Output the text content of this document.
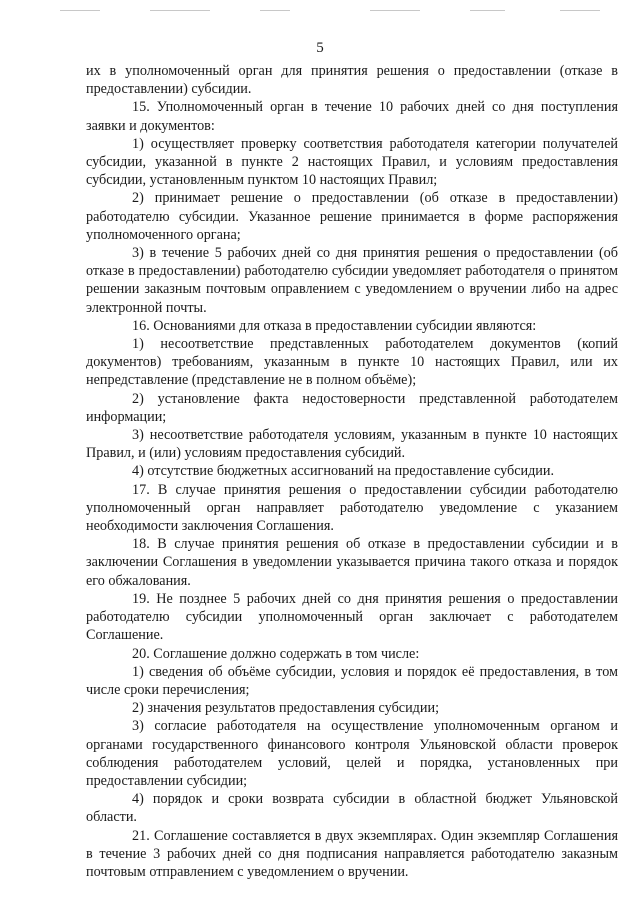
5

их в уполномоченный орган для принятия решения о предоставлении (отказе в предоставлении) субсидии.

15. Уполномоченный орган в течение 10 рабочих дней со дня поступления заявки и документов:

1) осуществляет проверку соответствия работодателя категории получателей субсидии, указанной в пункте 2 настоящих Правил, и условиям предоставления субсидии, установленным пунктом 10 настоящих Правил;

2) принимает решение о предоставлении (об отказе в предоставлении) работодателю субсидии. Указанное решение принимается в форме распоряжения уполномоченного органа;

3) в течение 5 рабочих дней со дня принятия решения о предоставлении (об отказе в предоставлении) работодателю субсидии уведомляет работодателя о принятом решении заказным почтовым оправлением с уведомлением о вручении либо на адрес электронной почты.

16. Основаниями для отказа в предоставлении субсидии являются:

1) несоответствие представленных работодателем документов (копий документов) требованиям, указанным в пункте 10 настоящих Правил, или их непредставление (представление не в полном объёме);

2) установление факта недостоверности представленной работодателем информации;

3) несоответствие работодателя условиям, указанным в пункте 10 настоящих Правил, и (или) условиям предоставления субсидий.

4) отсутствие бюджетных ассигнований на предоставление субсидии.

17. В случае принятия решения о предоставлении субсидии работодателю уполномоченный орган направляет работодателю уведомление с указанием необходимости заключения Соглашения.

18. В случае принятия решения об отказе в предоставлении субсидии и в заключении Соглашения в уведомлении указывается причина такого отказа и порядок его обжалования.

19. Не позднее 5 рабочих дней со дня принятия решения о предоставлении работодателю субсидии уполномоченный орган заключает с работодателем Соглашение.

20. Соглашение должно содержать в том числе:

1) сведения об объёме субсидии, условия и порядок её предоставления, в том числе сроки перечисления;

2) значения результатов предоставления субсидии;

3) согласие работодателя на осуществление уполномоченным органом и органами государственного финансового контроля Ульяновской области проверок соблюдения работодателем условий, целей и порядка, установленных при предоставлении субсидии;

4) порядок и сроки возврата субсидии в областной бюджет Ульяновской области.

21. Соглашение составляется в двух экземплярах. Один экземпляр Соглашения в течение 3 рабочих дней со дня подписания направляется работодателю заказным почтовым отправлением с уведомлением о вручении.
